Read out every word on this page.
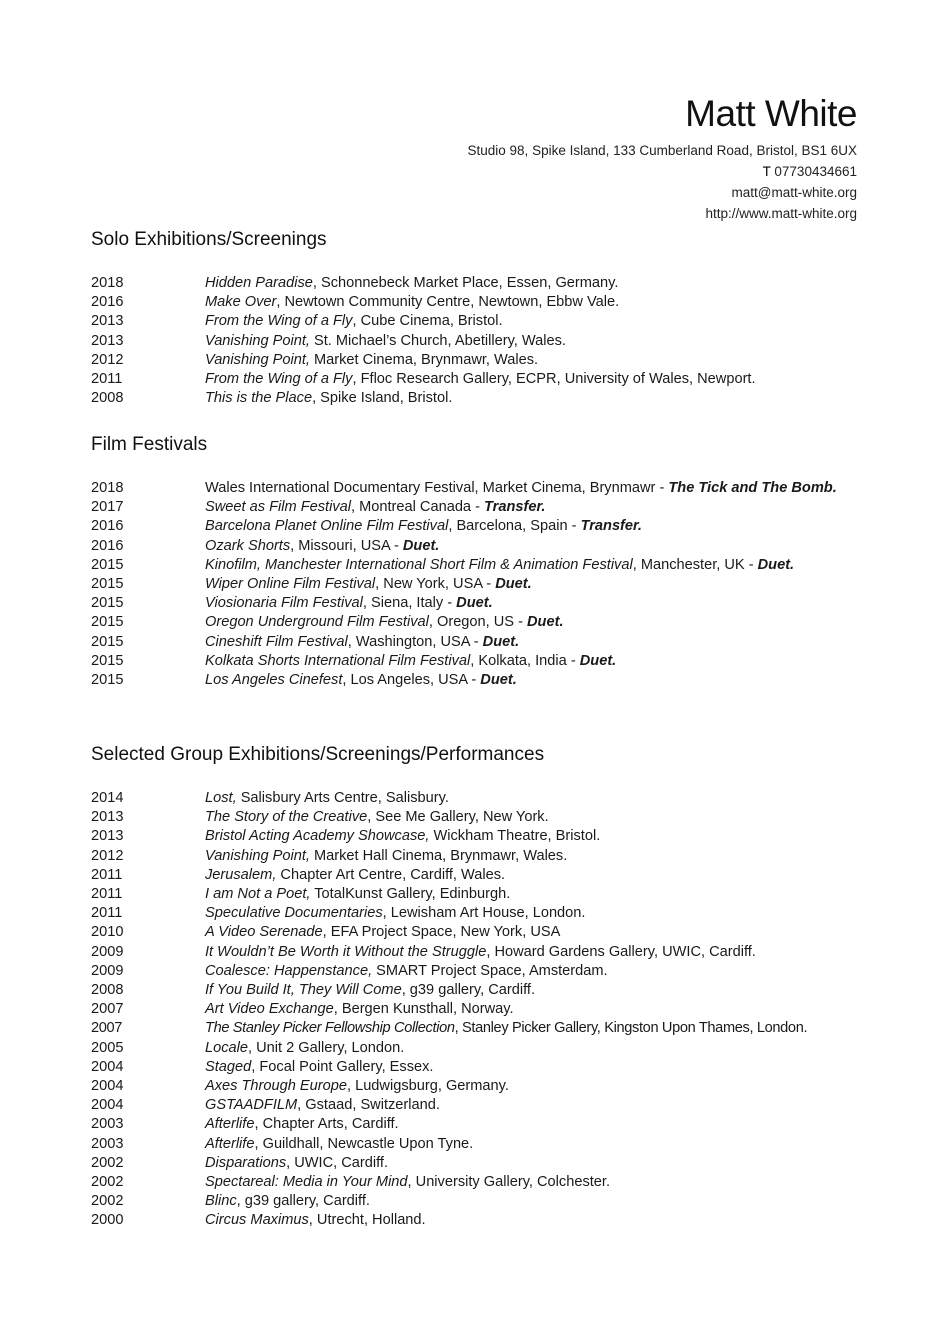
Matt White
Studio 98, Spike Island, 133 Cumberland Road, Bristol, BS1 6UX
T 07730434661
matt@matt-white.org
http://www.matt-white.org
Solo Exhibitions/Screenings
2018	Hidden Paradise, Schonnebeck Market Place, Essen, Germany.
2016	Make Over, Newtown Community Centre, Newtown, Ebbw Vale.
2013	From the Wing of a Fly, Cube Cinema, Bristol.
2013	Vanishing Point, St. Michael’s Church, Abetillery, Wales.
2012	Vanishing Point, Market Cinema, Brynmawr, Wales.
2011	From the Wing of a Fly, Ffloc Research Gallery, ECPR, University of Wales, Newport.
2008	This is the Place, Spike Island, Bristol.
Film Festivals
2018	Wales International Documentary Festival, Market Cinema, Brynmawr - The Tick and The Bomb.
2017	Sweet as Film Festival, Montreal Canada - Transfer.
2016	Barcelona Planet Online Film Festival, Barcelona, Spain - Transfer.
2016	Ozark Shorts, Missouri, USA - Duet.
2015	Kinofilm, Manchester International Short Film & Animation Festival, Manchester, UK - Duet.
2015	Wiper Online Film Festival, New York, USA - Duet.
2015	Viosionaria Film Festival, Siena, Italy - Duet.
2015	Oregon Underground Film Festival, Oregon, US - Duet.
2015	Cineshift Film Festival, Washington, USA - Duet.
2015	Kolkata Shorts International Film Festival, Kolkata, India - Duet.
2015	Los Angeles Cinefest, Los Angeles, USA - Duet.
Selected Group Exhibitions/Screenings/Performances
2014	Lost, Salisbury Arts Centre, Salisbury.
2013	The Story of the Creative, See Me Gallery, New York.
2013	Bristol Acting Academy Showcase, Wickham Theatre, Bristol.
2012	Vanishing Point, Market Hall Cinema, Brynmawr, Wales.
2011	Jerusalem, Chapter Art Centre, Cardiff, Wales.
2011	I am Not a Poet, TotalKunst Gallery, Edinburgh.
2011	Speculative Documentaries, Lewisham Art House, London.
2010	A Video Serenade, EFA Project Space, New York, USA
2009	It Wouldn’t Be Worth it Without the Struggle, Howard Gardens Gallery, UWIC, Cardiff.
2009	Coalesce: Happenstance, SMART Project Space, Amsterdam.
2008	If You Build It, They Will Come, g39 gallery, Cardiff.
2007	Art Video Exchange, Bergen Kunsthall, Norway.
2007	The Stanley Picker Fellowship Collection, Stanley Picker Gallery, Kingston Upon Thames, London.
2005	Locale, Unit 2 Gallery, London.
2004	Staged, Focal Point Gallery, Essex.
2004	Axes Through Europe, Ludwigsburg, Germany.
2004	GSTAADFILM, Gstaad, Switzerland.
2003	Afterlife, Chapter Arts, Cardiff.
2003	Afterlife, Guildhall, Newcastle Upon Tyne.
2002	Disparations, UWIC, Cardiff.
2002	Spectareal: Media in Your Mind, University Gallery, Colchester.
2002	Blinc, g39 gallery, Cardiff.
2000	Circus Maximus, Utrecht, Holland.
